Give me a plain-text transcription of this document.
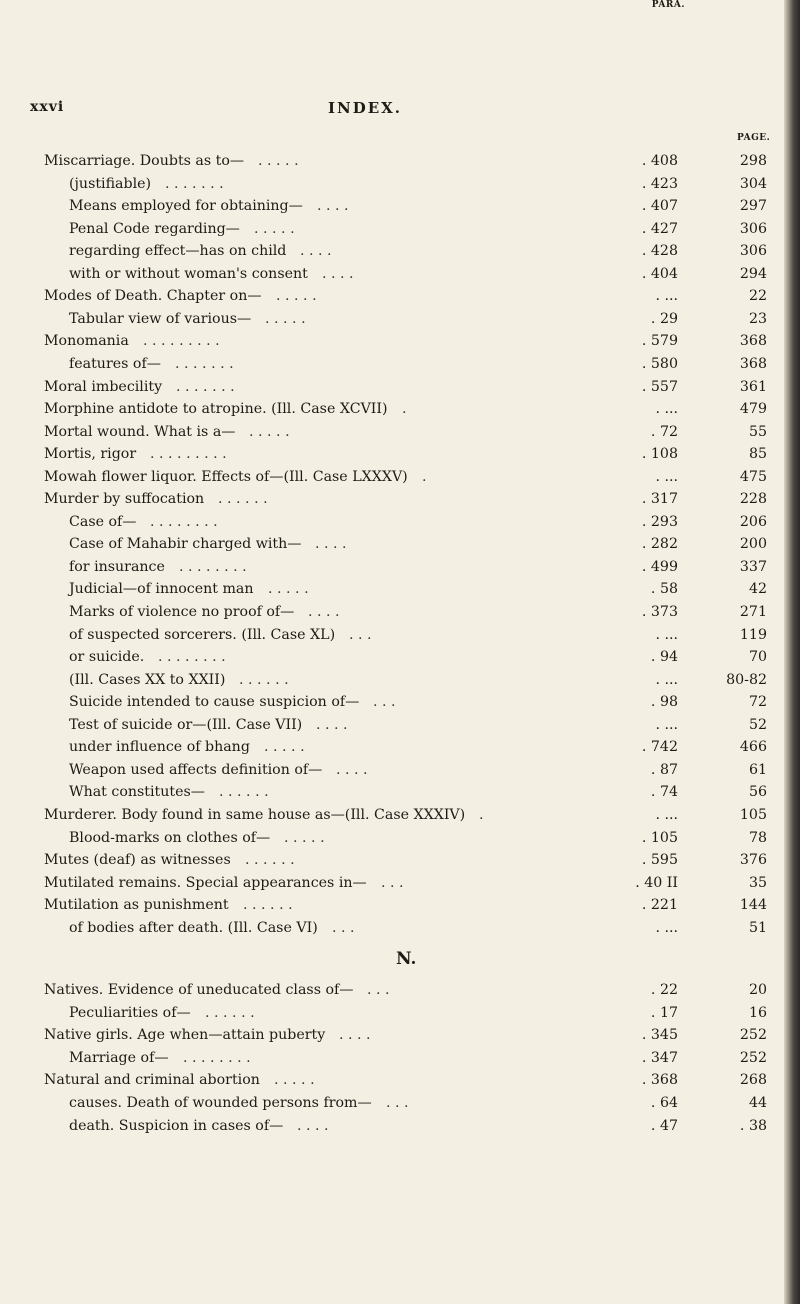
xxvi	INDEX.
PARA.
PAGE.
Miscarriage. Doubts as to— . . . . .	. 408	298
(justifiable) . . . . . . .	. 423	304
Means employed for obtaining— . . . .	. 407	297
Penal Code regarding— . . . . .	. 427	306
regarding effect—has on child . . . .	. 428	306
with or without woman's consent . . . .	. 404	294
Modes of Death. Chapter on— . . . . .	. ...	22
Tabular view of various— . . . . .	. 29	23
Monomania . . . . . . . . .	. 579	368
features of— . . . . . . .	. 580	368
Moral imbecility . . . . . . .	. 557	361
Morphine antidote to atropine. (Ill. Case XCVII) .	. ...	479
Mortal wound. What is a— . . . . .	. 72	55
Mortis, rigor . . . . . . . . .	. 108	85
Mowah flower liquor. Effects of—(Ill. Case LXXXV) .	. ...	475
Murder by suffocation . . . . . .	. 317	228
Case of— . . . . . . . .	. 293	206
Case of Mahabir charged with— . . . .	. 282	200
for insurance . . . . . . . .	. 499	337
Judicial—of innocent man . . . . .	. 58	42
Marks of violence no proof of— . . . .	. 373	271
of suspected sorcerers. (Ill. Case XL) . . .	. ...	119
or suicide. . . . . . . . .	. 94	70
(Ill. Cases XX to XXII) . . . . . .	. ...	80-82
Suicide intended to cause suspicion of— . . .	. 98	72
Test of suicide or—(Ill. Case VII) . . . .	. ...	52
under influence of bhang . . . . .	. 742	466
Weapon used affects definition of— . . . .	. 87	61
What constitutes— . . . . . .	. 74	56
Murderer. Body found in same house as—(Ill. Case XXXIV) .	. ...	105
Blood-marks on clothes of— . . . . .	. 105	78
Mutes (deaf) as witnesses . . . . . .	. 595	376
Mutilated remains. Special appearances in— . . .	. 40 II	35
Mutilation as punishment . . . . . .	. 221	144
of bodies after death. (Ill. Case VI) . . .	. ...	51
N.
Natives. Evidence of uneducated class of— . . .	. 22	20
Peculiarities of— . . . . . .	. 17	16
Native girls. Age when—attain puberty . . . .	. 345	252
Marriage of— . . . . . . . .	. 347	252
Natural and criminal abortion . . . . .	. 368	268
causes. Death of wounded persons from— . . .	. 64	44
death. Suspicion in cases of— . . . .	. 47	. 38
